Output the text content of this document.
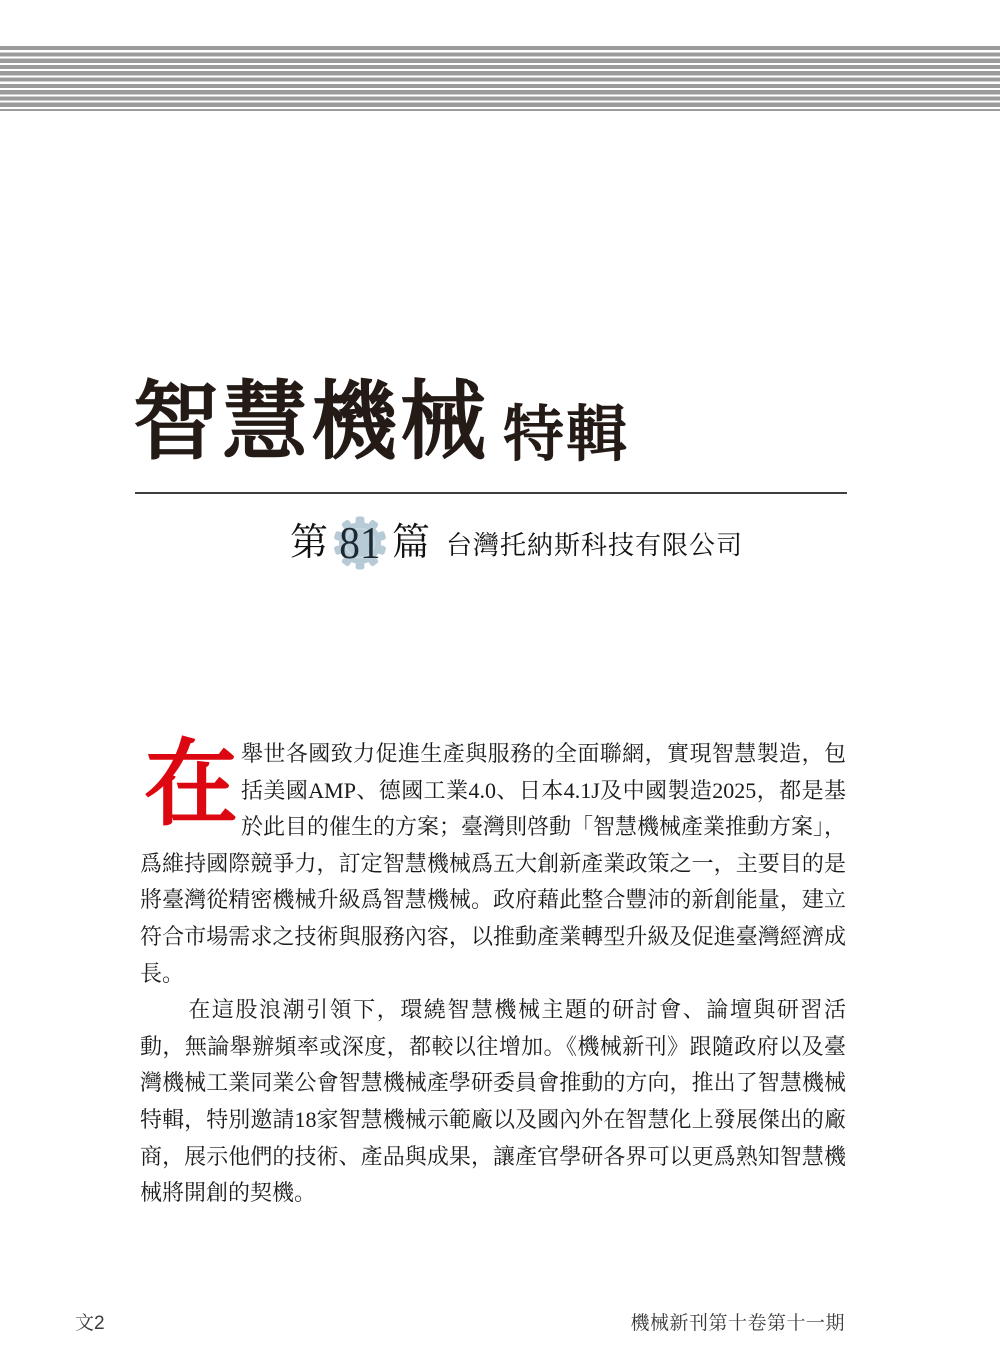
智慧機械 特輯
第 81 篇 台灣托納斯科技有限公司

在 舉世各國致力促進生產與服務的全面聯網，實現智慧製造，包括美國AMP、德國工業4.0、日本4.1J及中國製造2025，都是基於此目的催生的方案；臺灣則啓動「智慧機械產業推動方案」，爲維持國際競爭力，訂定智慧機械爲五大創新產業政策之一，主要目的是將臺灣從精密機械升級爲智慧機械。政府藉此整合豐沛的新創能量，建立符合市場需求之技術與服務內容，以推動產業轉型升級及促進臺灣經濟成長。

在這股浪潮引領下，環繞智慧機械主題的研討會、論壇與研習活動，無論舉辦頻率或深度，都較以往增加。《機械新刊》跟隨政府以及臺灣機械工業同業公會智慧機械產學研委員會推動的方向，推出了智慧機械特輯，特別邀請18家智慧機械示範廠以及國內外在智慧化上發展傑出的廠商，展示他們的技術、產品與成果，讓產官學研各界可以更爲熟知智慧機械將開創的契機。

文2	機械新刊第十卷第十一期
